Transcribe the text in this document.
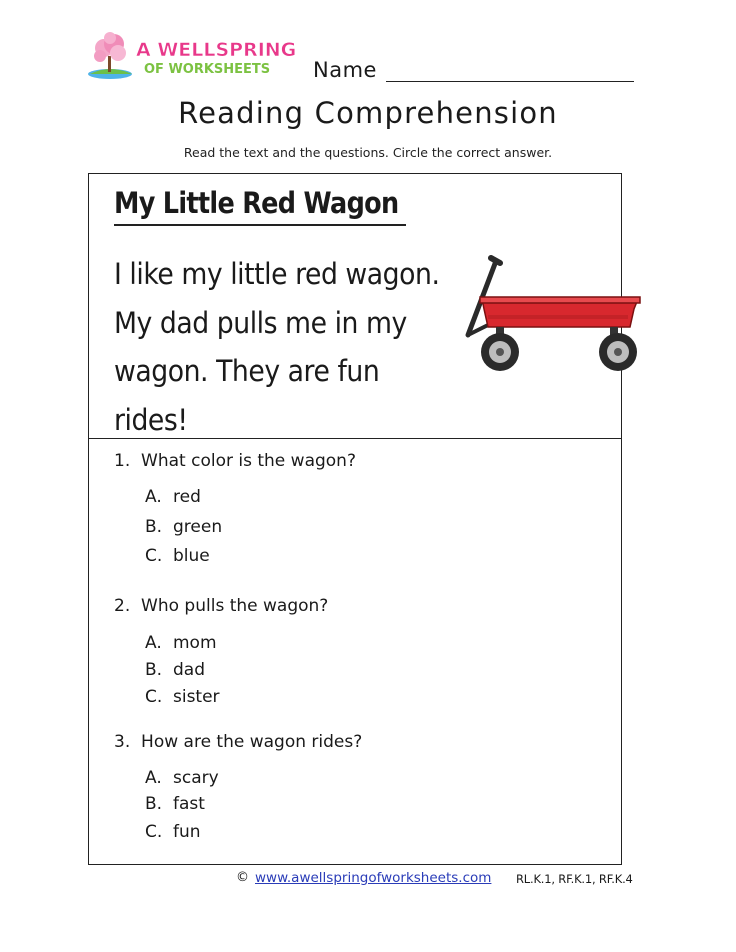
A WELLSPRING
OF WORKSHEETS Name
Reading Comprehension
Read the text and the questions. Circle the correct answer.
My Little Red Wagon
I like my little red wagon.
My dad pulls me in my
wagon. They are fun
rides!
1. What color is the wagon?
A. red
B. green
C. blue
2. Who pulls the wagon?
A. mom
B. dad
C. sister
3. How are the wagon rides?
A. scary
B. fast
C. fun
© www.awellspringofworksheets.com RL.K.1, RF.K.1, RF.K.4
